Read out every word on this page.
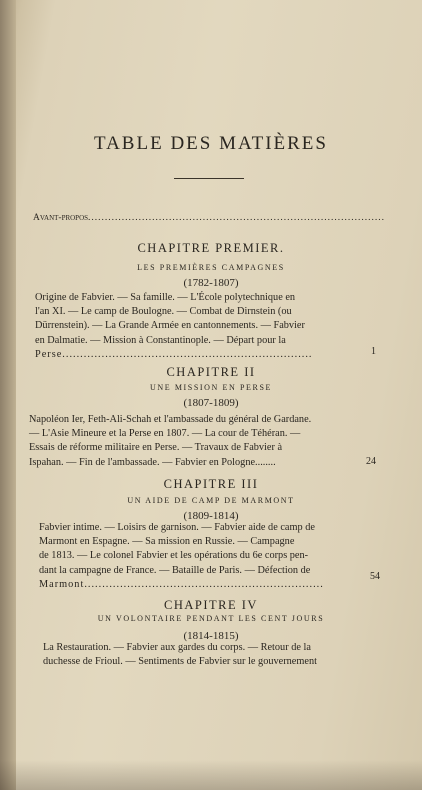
TABLE DES MATIÈRES
Avant-propos........................................................................................
CHAPITRE PREMIER.
LES PREMIÈRES CAMPAGNES
(1782-1807)
Origine de Fabvier. — Sa famille. — L'École polytechnique en
l'an XI. — Le camp de Boulogne. — Combat de Dirnstein (ou
Dürrenstein). — La Grande Armée en cantonnements. — Fabvier
en Dalmatie. — Mission à Constantinople. — Départ pour la
Perse......................................................................	1
CHAPITRE II
UNE MISSION EN PERSE
(1807-1809)
Napoléon Ier, Feth-Ali-Schah et l'ambassade du général de Gardane.
— L'Asie Mineure et la Perse en 1807. — La cour de Téhéran. —
Essais de réforme militaire en Perse. — Travaux de Fabvier à
Ispahan. — Fin de l'ambassade. — Fabvier en Pologne........	24
CHAPITRE III
UN AIDE DE CAMP DE MARMONT
(1809-1814)
Fabvier intime. — Loisirs de garnison. — Fabvier aide de camp de
Marmont en Espagne. — Sa mission en Russie. — Campagne
de 1813. — Le colonel Fabvier et les opérations du 6e corps pen-
dant la campagne de France. — Bataille de Paris. — Défection de
Marmont...................................................................
54
CHAPITRE IV
UN VOLONTAIRE PENDANT LES CENT JOURS
(1814-1815)
La Restauration. — Fabvier aux gardes du corps. — Retour de la
duchesse de Frioul. — Sentiments de Fabvier sur le gouvernement
